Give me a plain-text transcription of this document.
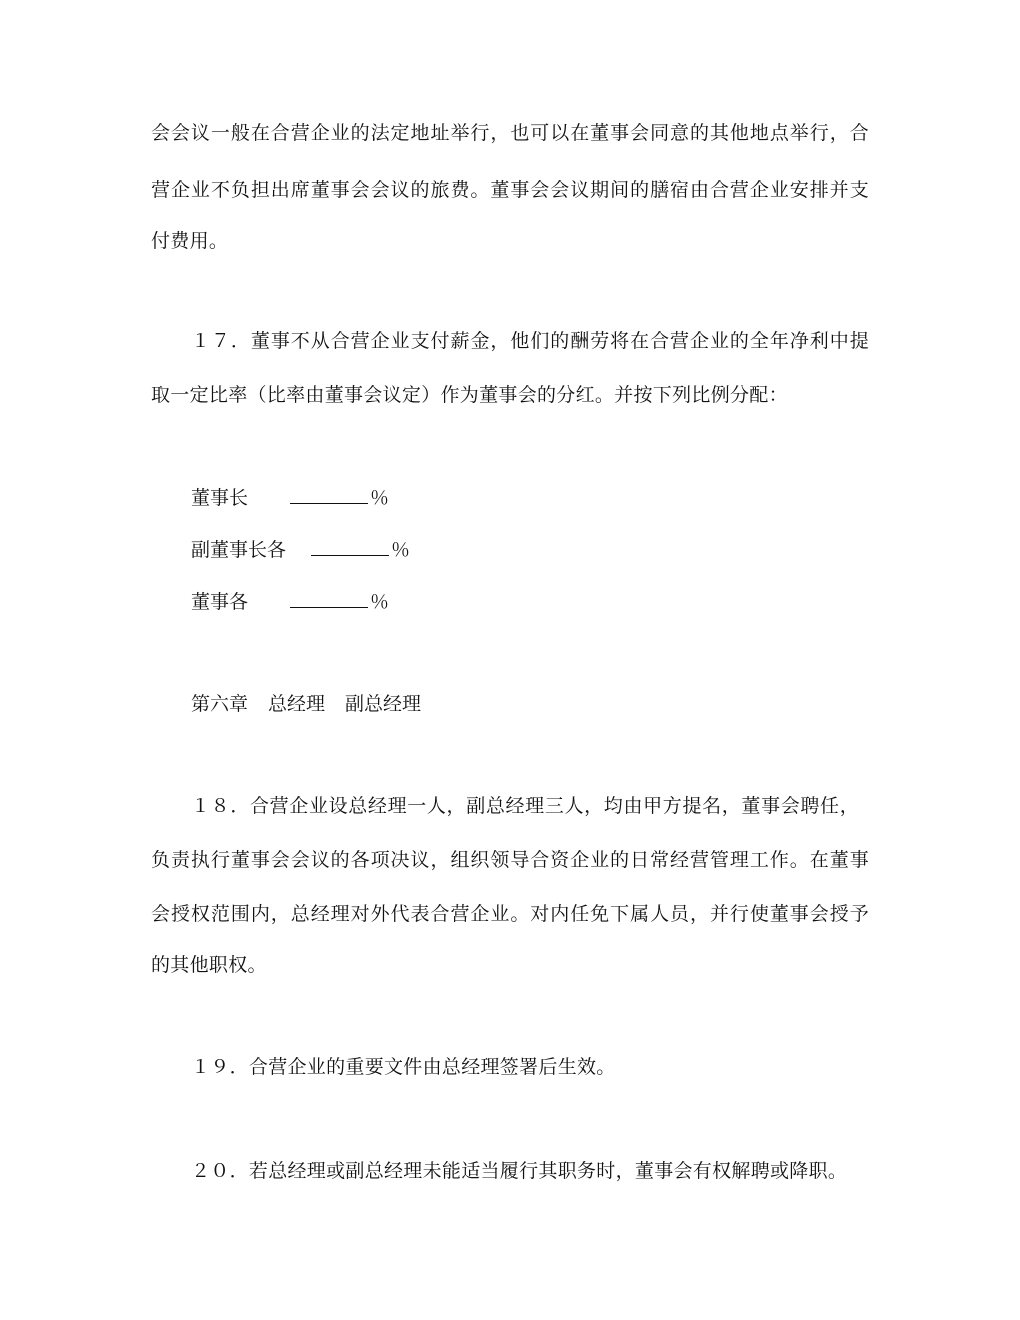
会会议一般在合营企业的法定地址举行，也可以在董事会同意的其他地点举行，合
营企业不负担出席董事会会议的旅费。董事会会议期间的膳宿由合营企业安排并支
付费用。
１７．董事不从合营企业支付薪金，他们的酬劳将在合营企业的全年净利中提
取一定比率（比率由董事会议定）作为董事会的分红。并按下列比例分配：
董事长	％
副董事长各	％
董事各	％
第六章 总经理 副总经理
１８．合营企业设总经理一人，副总经理三人，均由甲方提名，董事会聘任，
负责执行董事会会议的各项决议，组织领导合资企业的日常经营管理工作。在董事
会授权范围内，总经理对外代表合营企业。对内任免下属人员，并行使董事会授予
的其他职权。
１９．合营企业的重要文件由总经理签署后生效。
２０．若总经理或副总经理未能适当履行其职务时，董事会有权解聘或降职。
